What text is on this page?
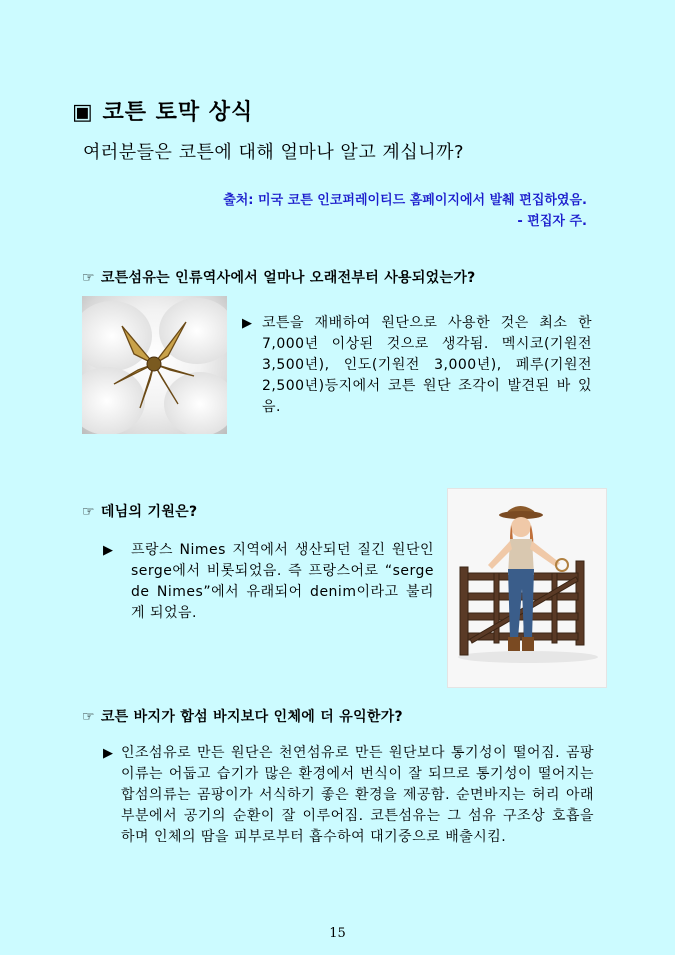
▣ 코튼 토막 상식
여러분들은 코튼에 대해 얼마나 알고 계십니까?
출처: 미국 코튼 인코퍼레이티드 홈페이지에서 발췌 편집하였음.
- 편집자 주.
☞ 코튼섬유는 인류역사에서 얼마나 오래전부터 사용되었는가?
▶ 코튼을 재배하여 원단으로 사용한 것은 최소 한 7,000년 이상된 것으로 생각됨. 멕시코(기원전 3,500년), 인도(기원전 3,000년), 페루(기원전 2,500년)등지에서 코튼 원단 조각이 발견된 바 있음.
☞ 데님의 기원은?
▶ 프랑스 Nimes 지역에서 생산되던 질긴 원단인 serge에서 비롯되었음. 즉 프랑스어로 “serge de Nimes”에서 유래되어 denim이라고 불리게 되었음.
☞ 코튼 바지가 합섬 바지보다 인체에 더 유익한가?
▶ 인조섬유로 만든 원단은 천연섬유로 만든 원단보다 통기성이 떨어짐. 곰팡이류는 어둡고 습기가 많은 환경에서 번식이 잘 되므로 통기성이 떨어지는 합섬의류는 곰팡이가 서식하기 좋은 환경을 제공함. 순면바지는 허리 아래 부분에서 공기의 순환이 잘 이루어짐. 코튼섬유는 그 섬유 구조상 호흡을 하며 인체의 땀을 피부로부터 흡수하여 대기중으로 배출시킴.
15
